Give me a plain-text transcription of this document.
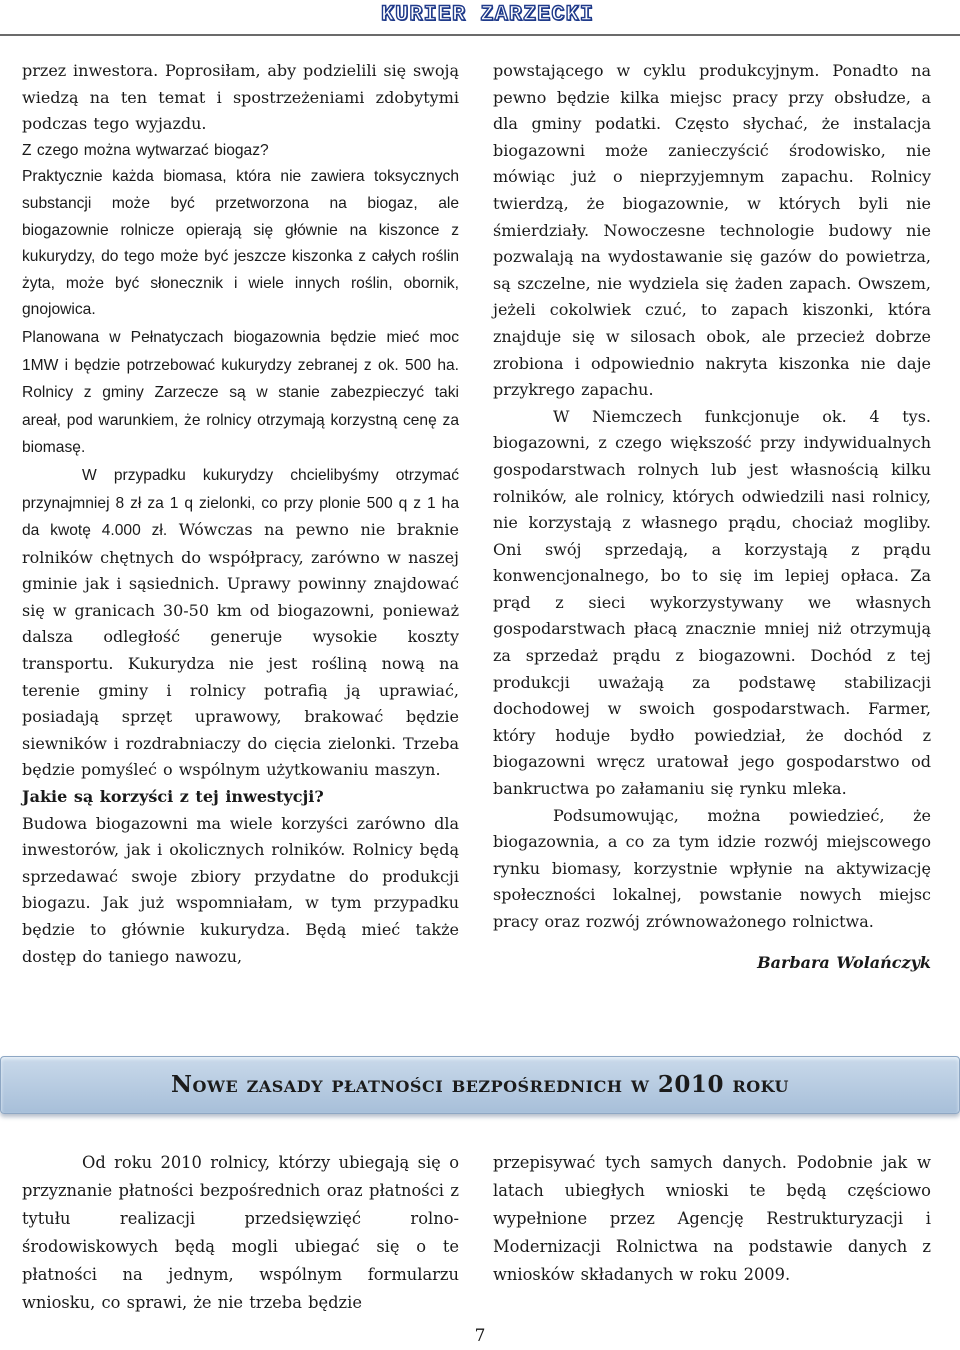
KURIER ZARZECKI

przez inwestora. Poprosiłam, aby podzielili się swoją wiedzą na ten temat i spostrzeżeniami zdobytymi podczas tego wyjazdu.

Z czego można wytwarzać biogaz?

Praktycznie każda biomasa, która nie zawiera toksycznych substancji może być przetworzona na biogaz, ale biogazownie rolnicze opierają się głównie na kiszonce z kukurydzy, do tego może być jeszcze kiszonka z całych roślin żyta, może być słonecznik i wiele innych roślin, obornik, gnojowica.

Planowana w Pełnatyczach biogazownia będzie mieć moc 1MW i będzie potrzebować kukurydzy zebranej z ok. 500 ha. Rolnicy z gminy Zarzecze są w stanie zabezpieczyć taki areał, pod warunkiem, że rolnicy otrzymają korzystną cenę za biomasę.

W przypadku kukurydzy chcielibyśmy otrzymać przynajmniej 8 zł za 1 q zielonki, co przy plonie 500 q z 1 ha da kwotę 4.000 zł. Wówczas na pewno nie braknie rolników chętnych do współpracy, zarówno w naszej gminie jak i sąsiednich. Uprawy powinny znajdować się w granicach 30-50 km od biogazowni, ponieważ dalsza odległość generuje wysokie koszty transportu. Kukurydza nie jest rośliną nową na terenie gminy i rolnicy potrafią ją uprawiać, posiadają sprzęt uprawowy, brakować będzie siewników i rozdrabniaczy do cięcia zielonki. Trzeba będzie pomyśleć o wspólnym użytkowaniu maszyn.

Jakie są korzyści z tej inwestycji?

Budowa biogazowni ma wiele korzyści zarówno dla inwestorów, jak i okolicznych rolników. Rolnicy będą sprzedawać swoje zbiory przydatne do produkcji biogazu. Jak już wspomniałam, w tym przypadku będzie to głównie kukurydza. Będą mieć także dostęp do taniego nawozu,

powstającego w cyklu produkcyjnym. Ponadto na pewno będzie kilka miejsc pracy przy obsłudze, a dla gminy podatki. Często słychać, że instalacja biogazowni może zanieczyścić środowisko, nie mówiąc już o nieprzyjemnym zapachu. Rolnicy twierdzą, że biogazownie, w których byli nie śmierdziały. Nowoczesne technologie budowy nie pozwalają na wydostawanie się gazów do powietrza, są szczelne, nie wydziela się żaden zapach. Owszem, jeżeli cokolwiek czuć, to zapach kiszonki, która znajduje się w silosach obok, ale przecież dobrze zrobiona i odpowiednio nakryta kiszonka nie daje przykrego zapachu.

W Niemczech funkcjonuje ok. 4 tys. biogazowni, z czego większość przy indywidualnych gospodarstwach rolnych lub jest własnością kilku rolników, ale rolnicy, których odwiedzili nasi rolnicy, nie korzystają z własnego prądu, chociaż mogliby. Oni swój sprzedają, a korzystają z prądu konwencjonalnego, bo to się im lepiej opłaca. Za prąd z sieci wykorzystywany we własnych gospodarstwach płacą znacznie mniej niż otrzymują za sprzedaż prądu z biogazowni. Dochód z tej produkcji uważają za podstawę stabilizacji dochodowej w swoich gospodarstwach. Farmer, który hoduje bydło powiedział, że dochód z biogazowni wręcz uratował jego gospodarstwo od bankructwa po załamaniu się rynku mleka.

Podsumowując, można powiedzieć, że biogazownia, a co za tym idzie rozwój miejscowego rynku biomasy, korzystnie wpłynie na aktywizację społeczności lokalnej, powstanie nowych miejsc pracy oraz rozwój zrównoważonego rolnictwa.

Barbara Wolańczyk

Nowe zasady płatności bezpośrednich w 2010 roku

Od roku 2010 rolnicy, którzy ubiegają się o przyznanie płatności bezpośrednich oraz płatności z tytułu realizacji przedsięwzięć rolno-środowiskowych będą mogli ubiegać się o te płatności na jednym, wspólnym formularzu wniosku, co sprawi, że nie trzeba będzie

przepisywać tych samych danych. Podobnie jak w latach ubiegłych wnioski te będą częściowo wypełnione przez Agencję Restrukturyzacji i Modernizacji Rolnictwa na podstawie danych z wniosków składanych w roku 2009.

7
